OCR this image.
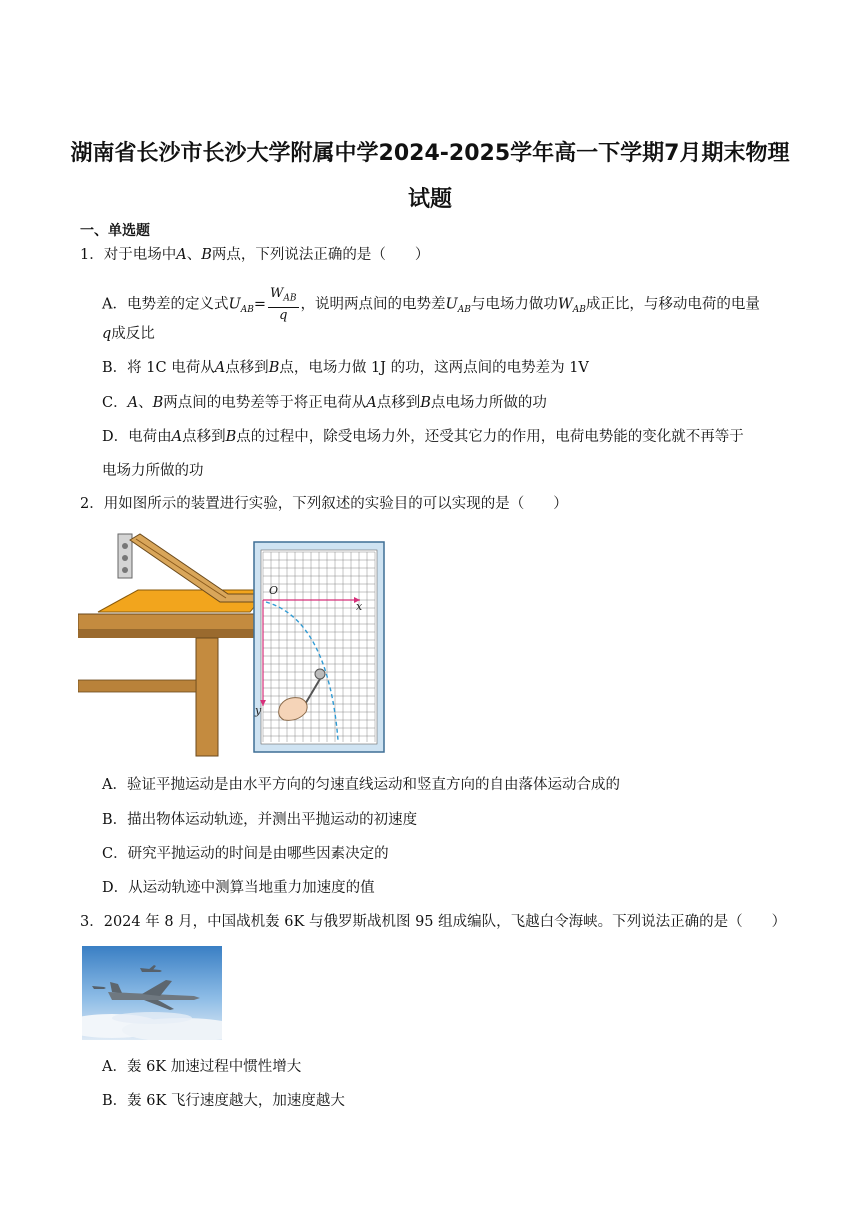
湖南省长沙市长沙大学附属中学2024-2025学年高一下学期7月期末物理
试题
一、单选题
1．对于电场中A、B两点，下列说法正确的是（　　）
A．电势差的定义式$U_{AB}= \frac{W_{AB}}{q}$ ，说明两点间的电势差$U_{AB}$与电场力做功$W_{AB}$成正比，与移动电荷的电量
q成反比
B．将 1C 电荷从A点移到B点，电场力做 1J 的功，这两点间的电势差为 1V
C．A、B两点间的电势差等于将正电荷从A点移到B点电场力所做的功
D．电荷由A点移到B点的过程中，除受电场力外，还受其它力的作用，电荷电势能的变化就不再等于
电场力所做的功
2．用如图所示的装置进行实验，下列叙述的实验目的可以实现的是（　　）
O
x
y
A．验证平抛运动是由水平方向的匀速直线运动和竖直方向的自由落体运动合成的
B．描出物体运动轨迹，并测出平抛运动的初速度
C．研究平抛运动的时间是由哪些因素决定的
D．从运动轨迹中测算当地重力加速度的值
3．2024 年 8 月，中国战机轰 6K 与俄罗斯战机图 95 组成编队，飞越白令海峡。下列说法正确的是（　　）
A．轰 6K 加速过程中惯性增大
B．轰 6K 飞行速度越大，加速度越大
